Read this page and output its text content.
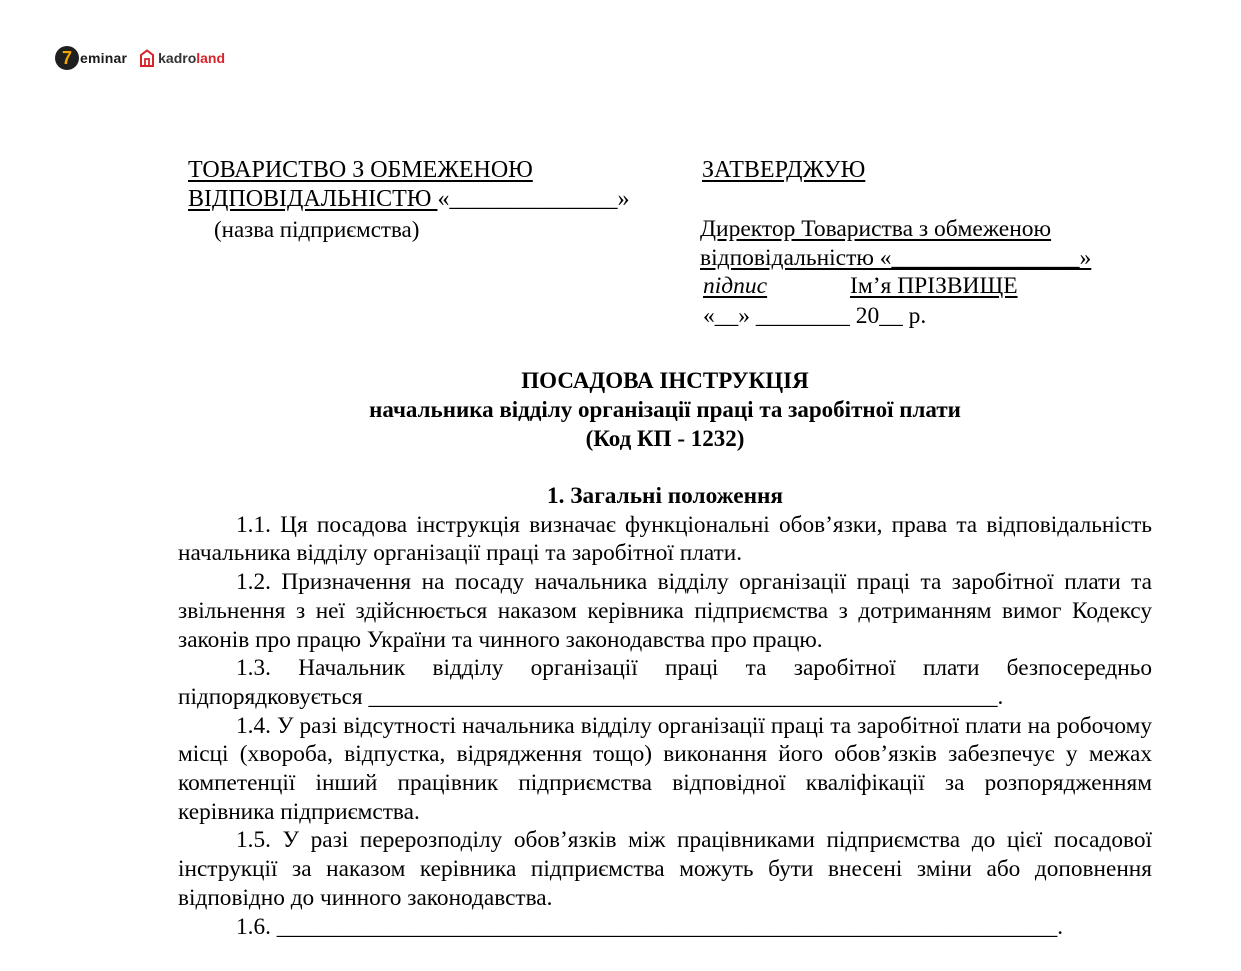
7 eminar kadroland
ТОВАРИСТВО З ОБМЕЖЕНОЮ
ВІДПОВІДАЛЬНІСТЮ «______________»
(назва підприємства)
ЗАТВЕРДЖУЮ
Директор Товариства з обмеженою
відповідальністю «________________»
підпис	Ім’я ПРІЗВИЩЕ
«__» ________ 20__ р.
ПОСАДОВА ІНСТРУКЦІЯ
начальника відділу організації праці та заробітної плати
(Код КП - 1232)

1. Загальні положення

1.1. Ця посадова інструкція визначає функціональні обов’язки, права та відповідальність начальника відділу організації праці та заробітної плати.

1.2. Призначення на посаду начальника відділу організації праці та заробітної плати та звільнення з неї здійснюється наказом керівника підприємства з дотриманням вимог Кодексу законів про працю України та чинного законодавства про працю.

1.3. Начальник відділу організації праці та заробітної плати безпосередньо підпорядковується ______________________________________________________.

1.4. У разі відсутності начальника відділу організації праці та заробітної плати на робочому місці (хвороба, відпустка, відрядження тощо) виконання його обов’язків забезпечує у межах компетенції інший працівник підприємства відповідної кваліфікації за розпорядженням керівника підприємства.

1.5. У разі перерозподілу обов’язків між працівниками підприємства до цієї посадової інструкції за наказом керівника підприємства можуть бути внесені зміни або доповнення відповідно до чинного законодавства.

1.6. ___________________________________________________________________.
